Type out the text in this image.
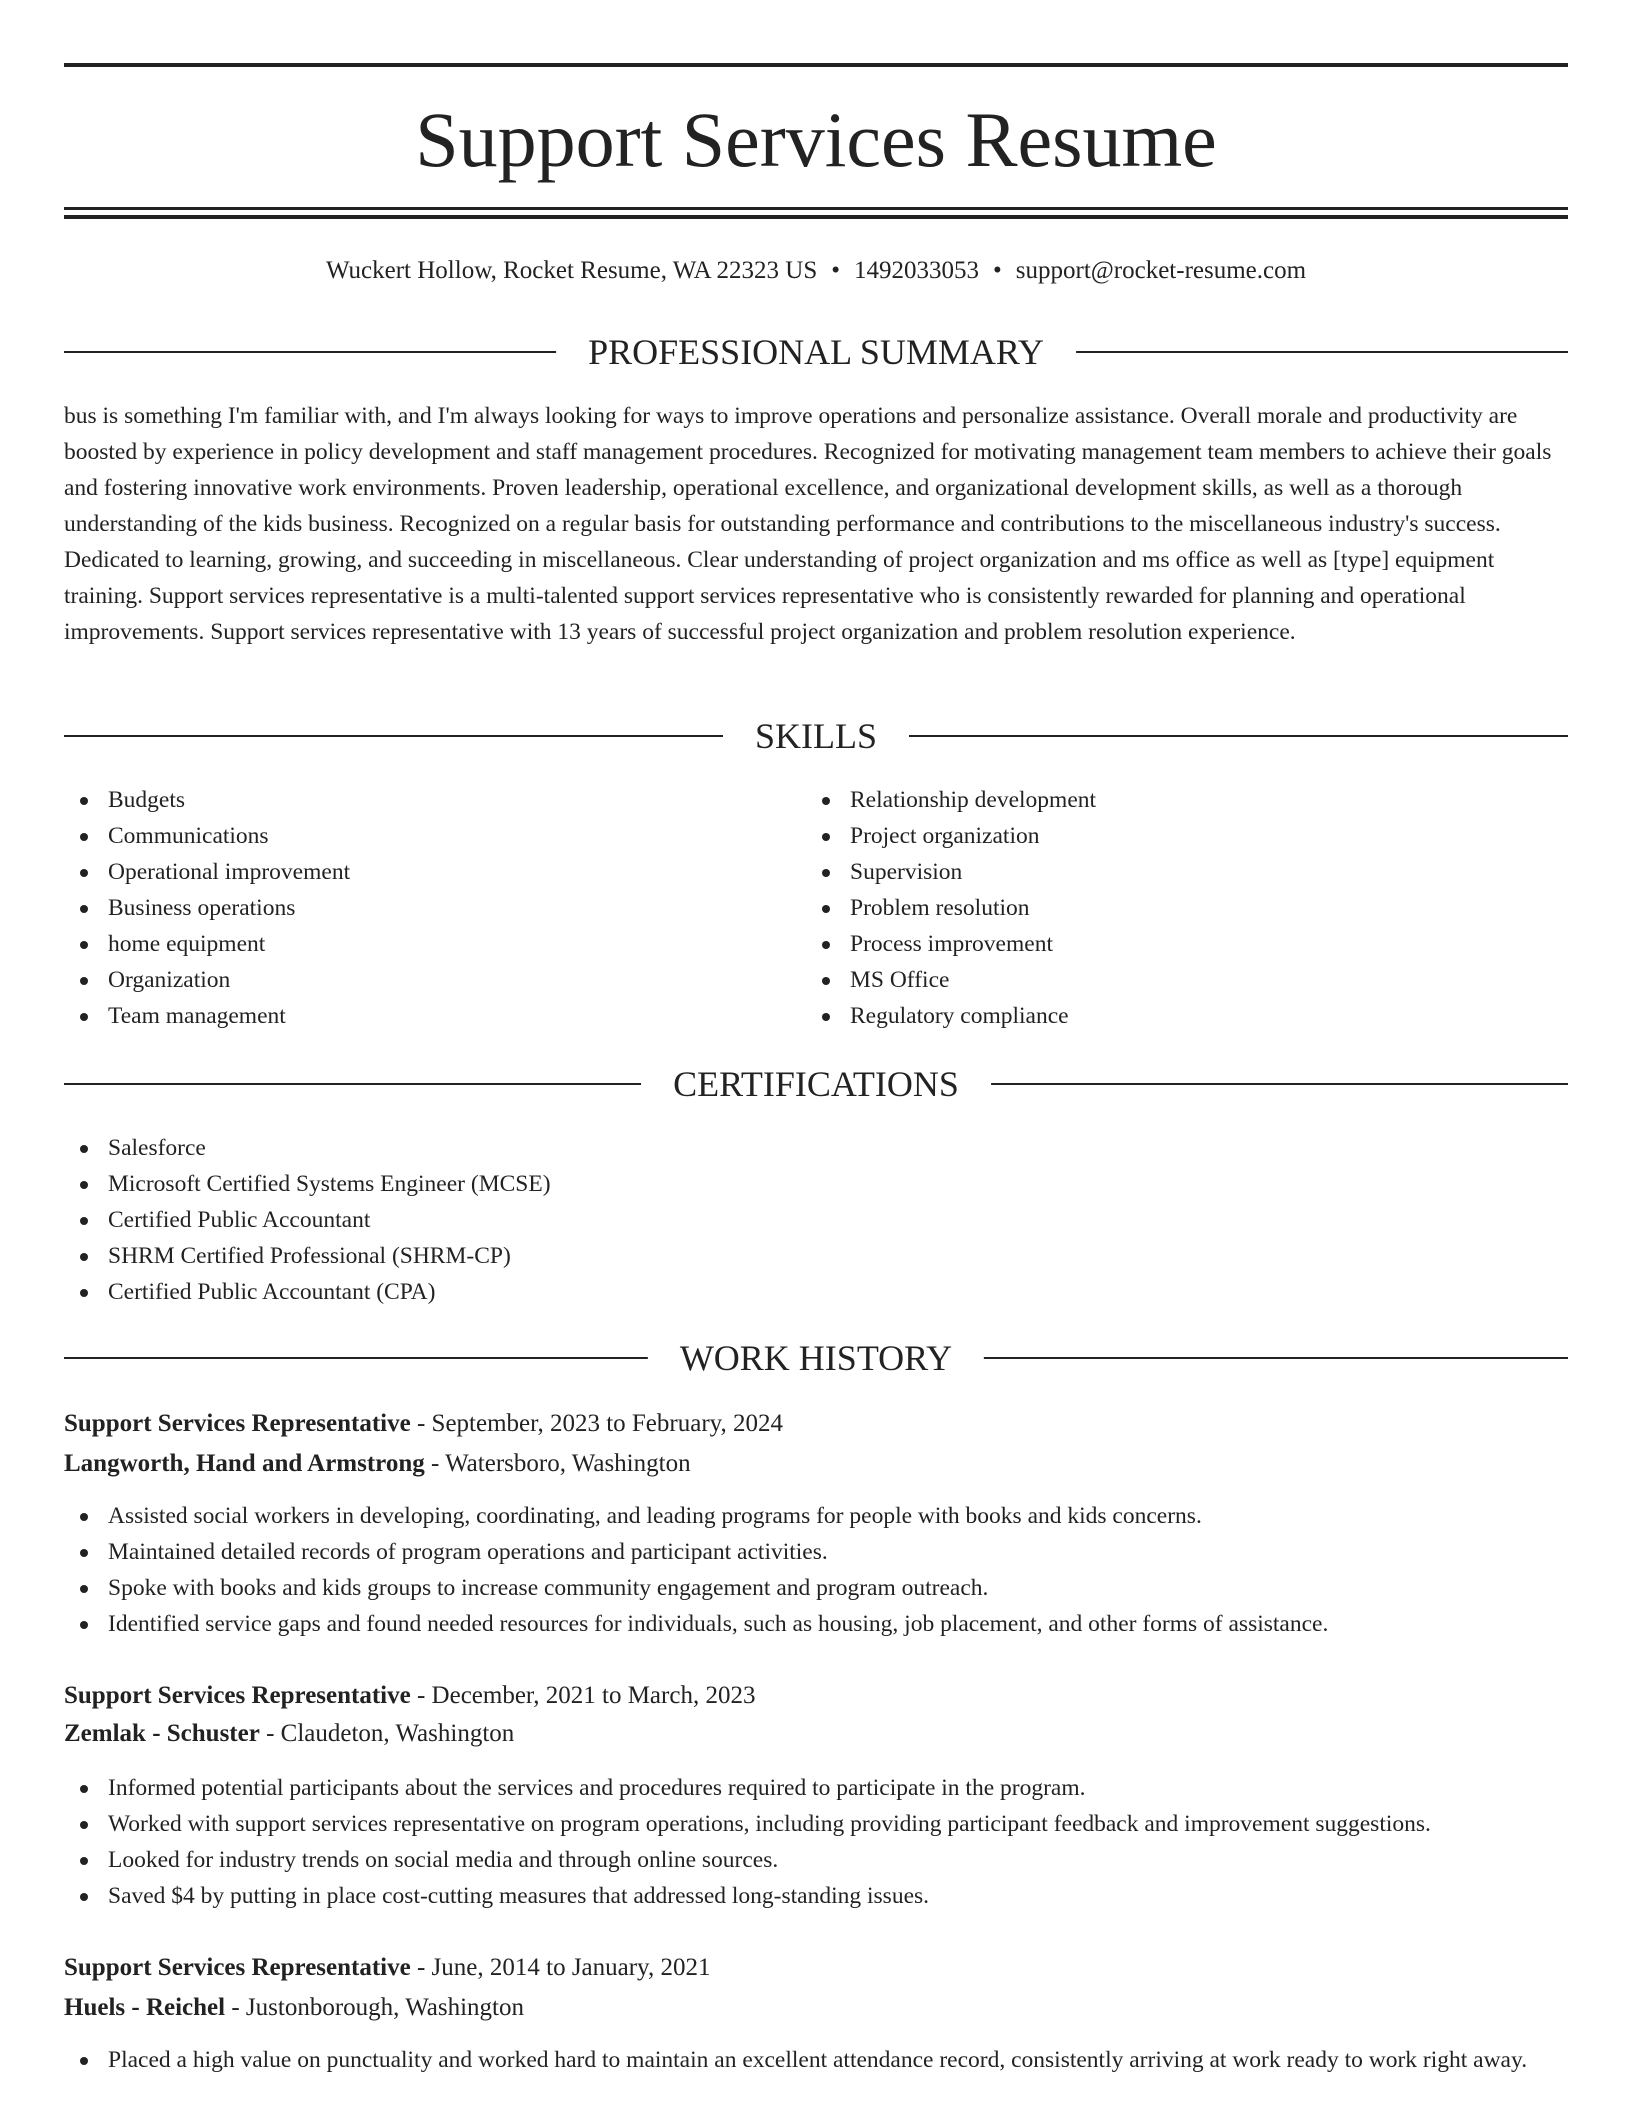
Support Services Resume
Wuckert Hollow, Rocket Resume, WA 22323 US • 1492033053 • support@rocket-resume.com
PROFESSIONAL SUMMARY

bus is something I'm familiar with, and I'm always looking for ways to improve operations and personalize assistance. Overall morale and productivity are boosted by experience in policy development and staff management procedures. Recognized for motivating management team members to achieve their goals and fostering innovative work environments. Proven leadership, operational excellence, and organizational development skills, as well as a thorough understanding of the kids business. Recognized on a regular basis for outstanding performance and contributions to the miscellaneous industry's success. Dedicated to learning, growing, and succeeding in miscellaneous. Clear understanding of project organization and ms office as well as [type] equipment training. Support services representative is a multi-talented support services representative who is consistently rewarded for planning and operational improvements. Support services representative with 13 years of successful project organization and problem resolution experience.

SKILLS
Budgets
Communications
Operational improvement
Business operations
home equipment
Organization
Team management
Relationship development
Project organization
Supervision
Problem resolution
Process improvement
MS Office
Regulatory compliance
CERTIFICATIONS
Salesforce
Microsoft Certified Systems Engineer (MCSE)
Certified Public Accountant
SHRM Certified Professional (SHRM-CP)
Certified Public Accountant (CPA)
WORK HISTORY
Support Services Representative - September, 2023 to February, 2024
Langworth, Hand and Armstrong - Watersboro, Washington
Assisted social workers in developing, coordinating, and leading programs for people with books and kids concerns.
Maintained detailed records of program operations and participant activities.
Spoke with books and kids groups to increase community engagement and program outreach.
Identified service gaps and found needed resources for individuals, such as housing, job placement, and other forms of assistance.
Support Services Representative - December, 2021 to March, 2023
Zemlak - Schuster - Claudeton, Washington
Informed potential participants about the services and procedures required to participate in the program.
Worked with support services representative on program operations, including providing participant feedback and improvement suggestions.
Looked for industry trends on social media and through online sources.
Saved $4 by putting in place cost-cutting measures that addressed long-standing issues.
Support Services Representative - June, 2014 to January, 2021
Huels - Reichel - Justonborough, Washington
Placed a high value on punctuality and worked hard to maintain an excellent attendance record, consistently arriving at work ready to work right away.
